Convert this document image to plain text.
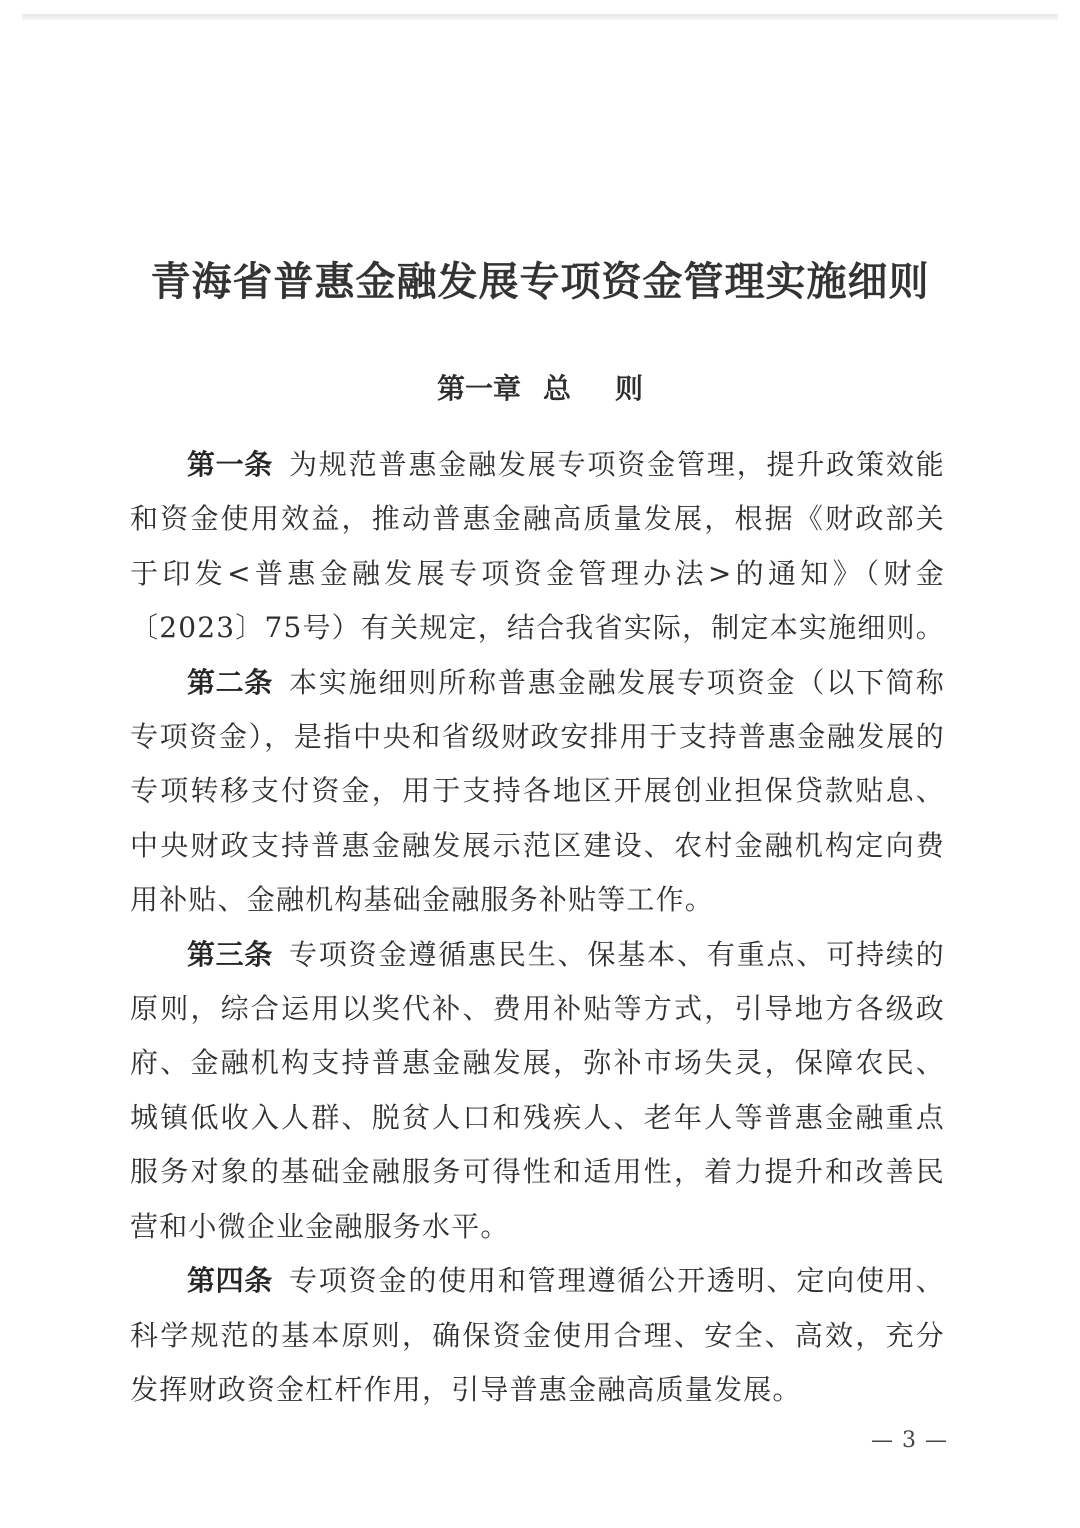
青海省普惠金融发展专项资金管理实施细则
第一章 总 则

第一条 为规范普惠金融发展专项资金管理，提升政策效能和资金使用效益，推动普惠金融高质量发展，根据《财政部关于印发<普惠金融发展专项资金管理办法>的通知》（财金〔2023〕75号）有关规定，结合我省实际，制定本实施细则。

第二条 本实施细则所称普惠金融发展专项资金（以下简称专项资金），是指中央和省级财政安排用于支持普惠金融发展的专项转移支付资金，用于支持各地区开展创业担保贷款贴息、中央财政支持普惠金融发展示范区建设、农村金融机构定向费用补贴、金融机构基础金融服务补贴等工作。

第三条 专项资金遵循惠民生、保基本、有重点、可持续的原则，综合运用以奖代补、费用补贴等方式，引导地方各级政府、金融机构支持普惠金融发展，弥补市场失灵，保障农民、城镇低收入人群、脱贫人口和残疾人、老年人等普惠金融重点服务对象的基础金融服务可得性和适用性，着力提升和改善民营和小微企业金融服务水平。

第四条 专项资金的使用和管理遵循公开透明、定向使用、科学规范的基本原则，确保资金使用合理、安全、高效，充分发挥财政资金杠杆作用，引导普惠金融高质量发展。

— 3 —
